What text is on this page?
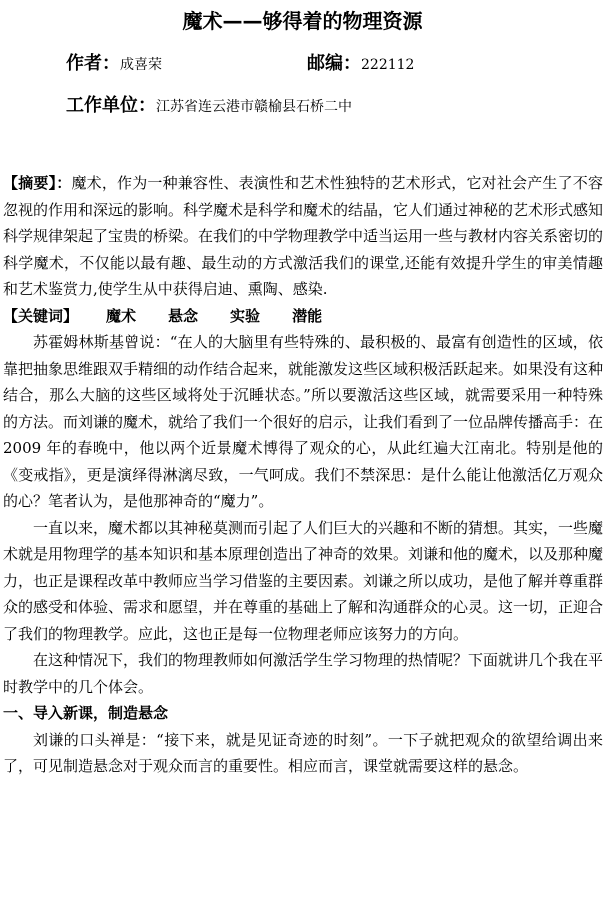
魔术——够得着的物理资源
作者：成喜荣	邮编：222112
工作单位：江苏省连云港市赣榆县石桥二中

【摘要】：魔术，作为一种兼容性、表演性和艺术性独特的艺术形式，它对社会产生了不容忽视的作用和深远的影响。科学魔术是科学和魔术的结晶，它人们通过神秘的艺术形式感知科学规律架起了宝贵的桥梁。在我们的中学物理教学中适当运用一些与教材内容关系密切的科学魔术，不仅能以最有趣、最生动的方式激活我们的课堂,还能有效提升学生的审美情趣和艺术鉴赏力,使学生从中获得启迪、熏陶、感染.

【关键词】 魔术 悬念 实验 潜能

苏霍姆林斯基曾说：“在人的大脑里有些特殊的、最积极的、最富有创造性的区域，依靠把抽象思维跟双手精细的动作结合起来，就能激发这些区域积极活跃起来。如果没有这种结合，那么大脑的这些区域将处于沉睡状态。”所以要激活这些区域，就需要采用一种特殊的方法。而刘谦的魔术，就给了我们一个很好的启示，让我们看到了一位品牌传播高手：在 2009 年的春晚中，他以两个近景魔术博得了观众的心，从此红遍大江南北。特别是他的《变戒指》，更是演绎得淋漓尽致，一气呵成。我们不禁深思：是什么能让他激活亿万观众的心？笔者认为，是他那神奇的“魔力”。

一直以来，魔术都以其神秘莫测而引起了人们巨大的兴趣和不断的猜想。其实，一些魔术就是用物理学的基本知识和基本原理创造出了神奇的效果。刘谦和他的魔术，以及那种魔力，也正是课程改革中教师应当学习借鉴的主要因素。刘谦之所以成功，是他了解并尊重群众的感受和体验、需求和愿望，并在尊重的基础上了解和沟通群众的心灵。这一切，正迎合了我们的物理教学。应此，这也正是每一位物理老师应该努力的方向。

在这种情况下，我们的物理教师如何激活学生学习物理的热情呢？下面就讲几个我在平时教学中的几个体会。

一、导入新课，制造悬念

刘谦的口头禅是：“接下来，就是见证奇迹的时刻”。一下子就把观众的欲望给调出来了，可见制造悬念对于观众而言的重要性。相应而言，课堂就需要这样的悬念。
